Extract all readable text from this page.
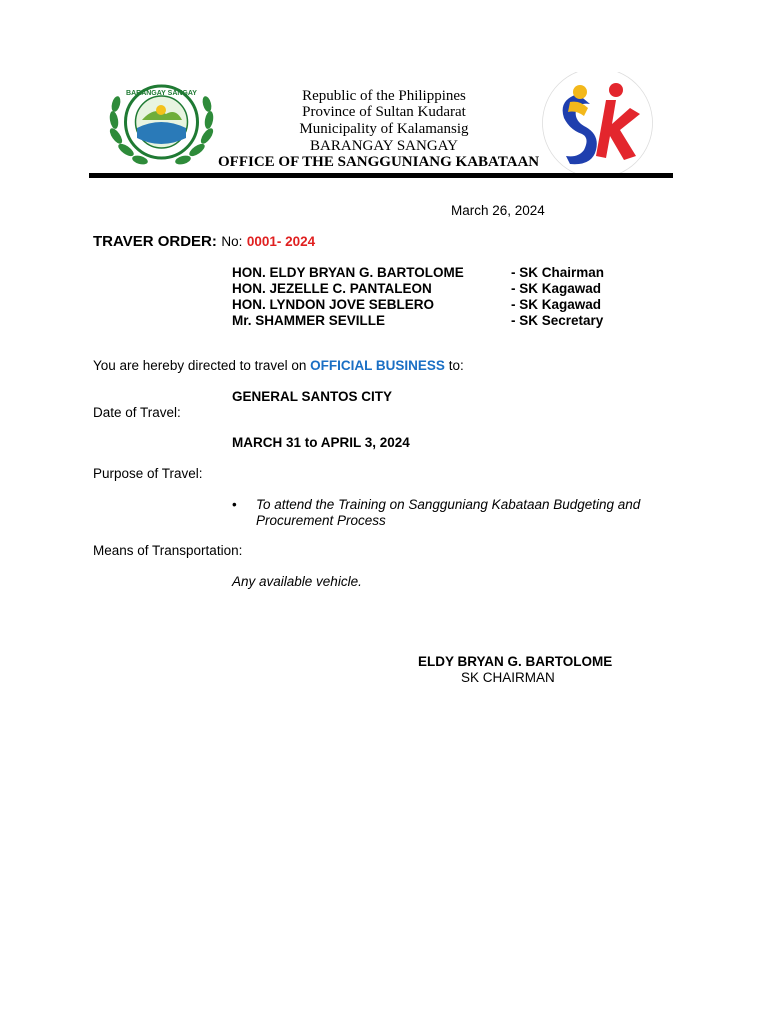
BARANGAY SANGAY	Republic of the Philippines
Province of Sultan Kudarat
Municipality of Kalamansig
BARANGAY SANGAY
OFFICE OF THE SANGGUNIANG KABATAAN
March 26, 2024
TRAVER ORDER: No: 0001- 2024
HON. ELDY BRYAN G. BARTOLOME	- SK Chairman
HON. JEZELLE C. PANTALEON	- SK Kagawad
HON. LYNDON JOVE SEBLERO	- SK Kagawad
Mr. SHAMMER SEVILLE	- SK Secretary
You are hereby directed to travel on OFFICIAL BUSINESS to:
GENERAL SANTOS CITY
Date of Travel:
MARCH 31 to APRIL 3, 2024
Purpose of Travel:
• To attend the Training on Sangguniang Kabataan Budgeting and
Procurement Process
Means of Transportation:
Any available vehicle.
ELDY BRYAN G. BARTOLOME
SK CHAIRMAN
